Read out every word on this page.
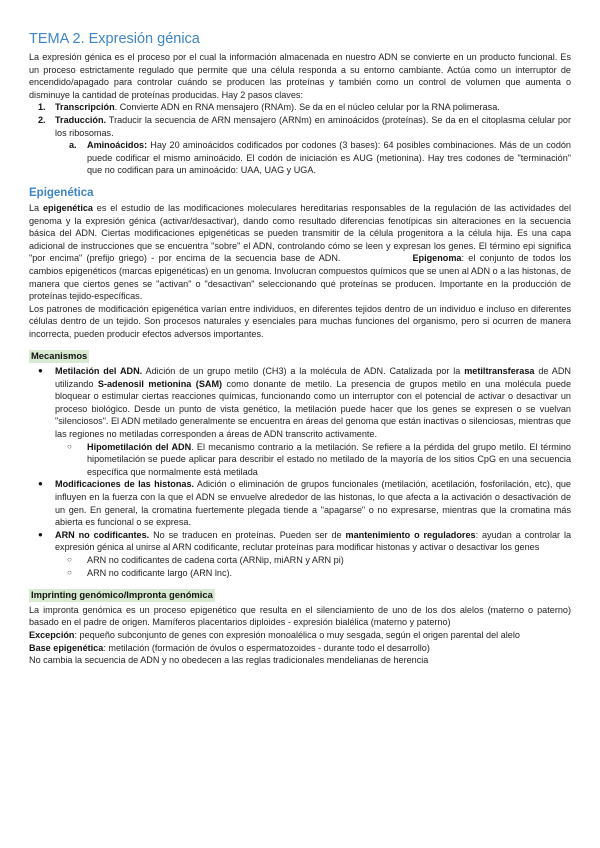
TEMA 2. Expresión génica

La expresión génica es el proceso por el cual la información almacenada en nuestro ADN se convierte en un producto funcional. Es un proceso estrictamente regulado que permite que una célula responda a su entorno cambiante. Actúa como un interruptor de encendido/apagado para controlar cuándo se producen las proteínas y también como un control de volumen que aumenta o disminuye la cantidad de proteínas producidas. Hay 2 pasos claves:

1. Transcripción. Convierte ADN en RNA mensajero (RNAm). Se da en el núcleo celular por la RNA polimerasa.
2. Traducción. Traducir la secuencia de ARN mensajero (ARNm) en aminoácidos (proteínas). Se da en el citoplasma celular por los ribosomas.
a. Aminoácidos: Hay 20 aminoácidos codificados por codones (3 bases): 64 posibles combinaciones. Más de un codón puede codificar el mismo aminoácido. El codón de iniciación es AUG (metionina). Hay tres codones de "terminación" que no codifican para un aminoácido: UAA, UAG y UGA.
Epigenética

La epigenética es el estudio de las modificaciones moleculares hereditarias responsables de la regulación de las actividades del genoma y la expresión génica (activar/desactivar), dando como resultado diferencias fenotípicas sin alteraciones en la secuencia básica del ADN. Ciertas modificaciones epigenéticas se pueden transmitir de la célula progenitora a la célula hija. Es una capa adicional de instrucciones que se encuentra "sobre" el ADN, controlando cómo se leen y expresan los genes. El término epi significa "por encima" (prefijo griego) - por encima de la secuencia base de ADN.	Epigenoma: el conjunto de todos los cambios epigenéticos (marcas epigenéticas) en un genoma. Involucran compuestos químicos que se unen al ADN o a las histonas, de manera que ciertos genes se "activan" o "desactivan" seleccionando qué proteínas se producen. Importante en la producción de proteínas tejido-específicas.

Los patrones de modificación epigenética varían entre individuos, en diferentes tejidos dentro de un individuo e incluso en diferentes células dentro de un tejido. Son procesos naturales y esenciales para muchas funciones del organismo, pero si ocurren de manera incorrecta, pueden producir efectos adversos importantes.

Mecanismos
● Metilación del ADN. Adición de un grupo metilo (CH3) a la molécula de ADN. Catalizada por la metiltransferasa de ADN utilizando S-adenosil metionina (SAM) como donante de metilo. La presencia de grupos metilo en una molécula puede bloquear o estimular ciertas reacciones químicas, funcionando como un interruptor con el potencial de activar o desactivar un proceso biológico. Desde un punto de vista genético, la metilación puede hacer que los genes se expresen o se vuelvan "silenciosos". El ADN metilado generalmente se encuentra en áreas del genoma que están inactivas o silenciosas, mientras que las regiones no metiladas corresponden a áreas de ADN transcrito activamente.
○ Hipometilación del ADN. El mecanismo contrario a la metilación. Se refiere a la pérdida del grupo metilo. El término hipometilación se puede aplicar para describir el estado no metilado de la mayoría de los sitios CpG en una secuencia específica que normalmente está metilada
● Modificaciones de las histonas. Adición o eliminación de grupos funcionales (metilación, acetilación, fosforilación, etc), que influyen en la fuerza con la que el ADN se envuelve alrededor de las histonas, lo que afecta a la activación o desactivación de un gen. En general, la cromatina fuertemente plegada tiende a "apagarse" o no expresarse, mientras que la cromatina más abierta es funcional o se expresa.
● ARN no codificantes. No se traducen en proteínas. Pueden ser de mantenimiento o reguladores: ayudan a controlar la expresión génica al unirse al ARN codificante, reclutar proteínas para modificar histonas y activar o desactivar los genes
○ ARN no codificantes de cadena corta (ARNip, miARN y ARN pi)
○ ARN no codificante largo (ARN lnc).
Imprinting genómico/Impronta genómica

La impronta genómica es un proceso epigenético que resulta en el silenciamiento de uno de los dos alelos (materno o paterno) basado en el padre de origen. Mamíferos placentarios diploides - expresión bialélica (materno y paterno)

Excepción: pequeño subconjunto de genes con expresión monoalélica o muy sesgada, según el origen parental del alelo

Base epigenética: metilación (formación de óvulos o espermatozoides - durante todo el desarrollo)

No cambia la secuencia de ADN y no obedecen a las reglas tradicionales mendelianas de herencia
